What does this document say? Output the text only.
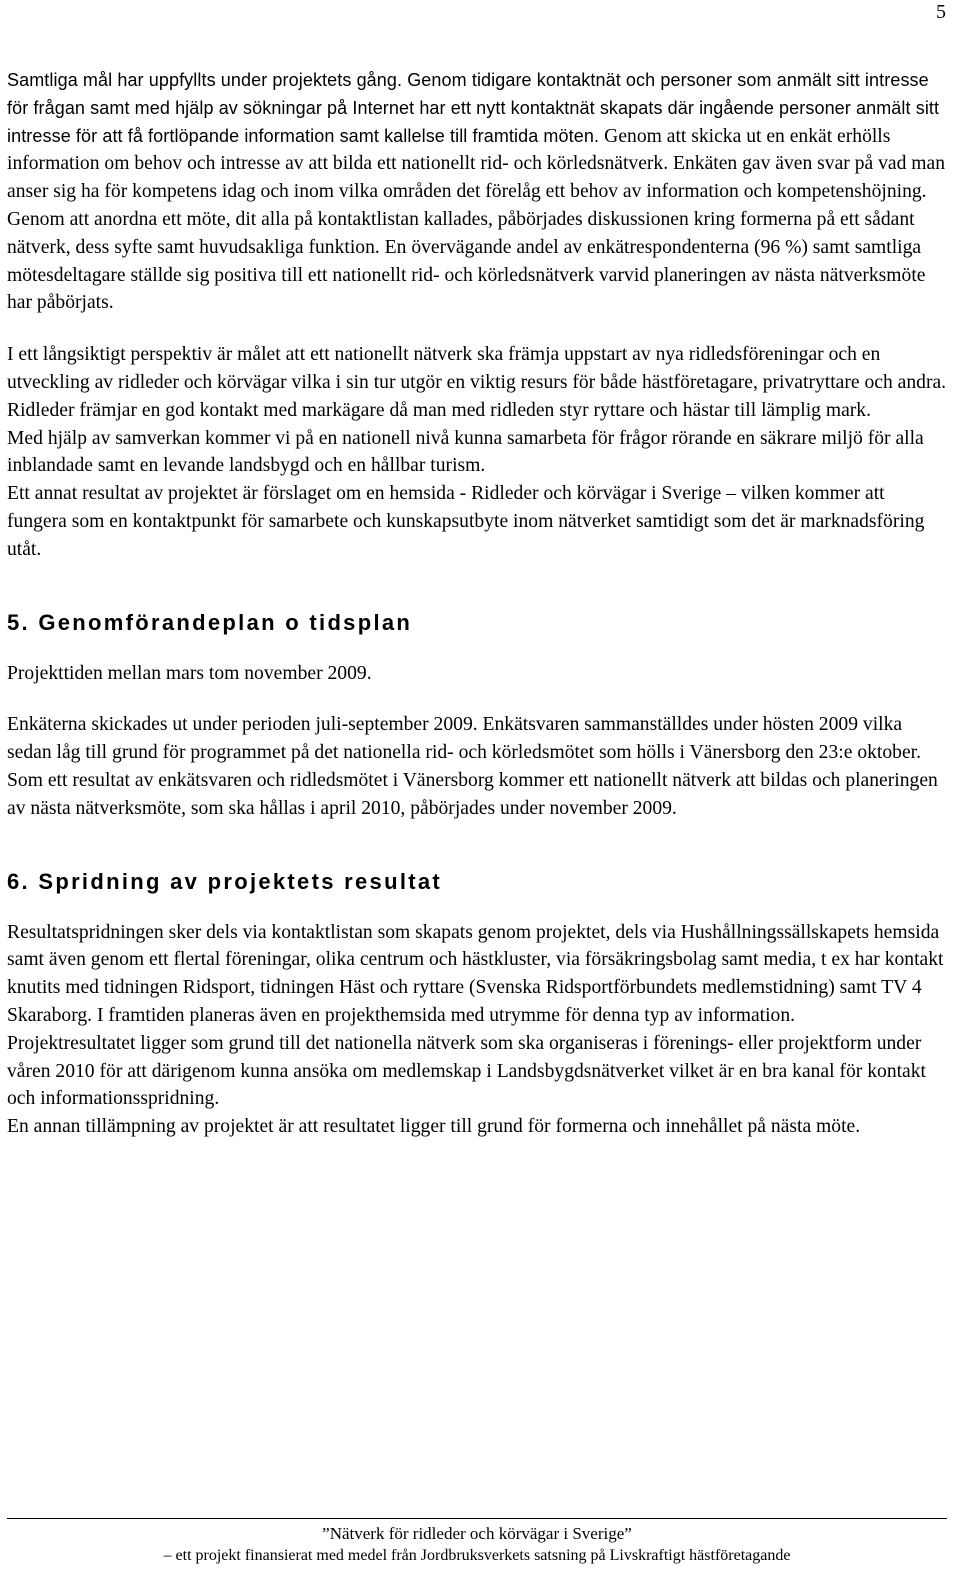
5

Samtliga mål har uppfyllts under projektets gång. Genom tidigare kontaktnät och personer som anmält sitt intresse för frågan samt med hjälp av sökningar på Internet har ett nytt kontaktnät skapats där ingående personer anmält sitt intresse för att få fortlöpande information samt kallelse till framtida möten. Genom att skicka ut en enkät erhölls information om behov och intresse av att bilda ett nationellt rid- och körledsnätverk. Enkäten gav även svar på vad man anser sig ha för kompetens idag och inom vilka områden det förelåg ett behov av information och kompetenshöjning. Genom att anordna ett möte, dit alla på kontaktlistan kallades, påbörjades diskussionen kring formerna på ett sådant nätverk, dess syfte samt huvudsakliga funktion. En övervägande andel av enkätrespondenterna (96 %) samt samtliga mötesdeltagare ställde sig positiva till ett nationellt rid- och körledsnätverk varvid planeringen av nästa nätverksmöte har påbörjats.

I ett långsiktigt perspektiv är målet att ett nationellt nätverk ska främja uppstart av nya ridledsföreningar och en utveckling av ridleder och körvägar vilka i sin tur utgör en viktig resurs för både hästföretagare, privatryttare och andra.

Ridleder främjar en god kontakt med markägare då man med ridleden styr ryttare och hästar till lämplig mark.

Med hjälp av samverkan kommer vi på en nationell nivå kunna samarbeta för frågor rörande en säkrare miljö för alla inblandade samt en levande landsbygd och en hållbar turism.

Ett annat resultat av projektet är förslaget om en hemsida - Ridleder och körvägar i Sverige – vilken kommer att fungera som en kontaktpunkt för samarbete och kunskapsutbyte inom nätverket samtidigt som det är marknadsföring utåt.

5. Genomförandeplan o tidsplan

Projekttiden mellan mars tom november 2009.

Enkäterna skickades ut under perioden juli-september 2009. Enkätsvaren sammanställdes under hösten 2009 vilka sedan låg till grund för programmet på det nationella rid- och körledsmötet som hölls i Vänersborg den 23:e oktober. Som ett resultat av enkätsvaren och ridledsmötet i Vänersborg kommer ett nationellt nätverk att bildas och planeringen av nästa nätverksmöte, som ska hållas i april 2010, påbörjades under november 2009.

6. Spridning av projektets resultat

Resultatspridningen sker dels via kontaktlistan som skapats genom projektet, dels via Hushållningssällskapets hemsida samt även genom ett flertal föreningar, olika centrum och hästkluster, via försäkringsbolag samt media, t ex har kontakt knutits med tidningen Ridsport, tidningen Häst och ryttare (Svenska Ridsportförbundets medlemstidning) samt TV 4 Skaraborg. I framtiden planeras även en projekthemsida med utrymme för denna typ av information.

Projektresultatet ligger som grund till det nationella nätverk som ska organiseras i förenings- eller projektform under våren 2010 för att därigenom kunna ansöka om medlemskap i Landsbygdsnätverket vilket är en bra kanal för kontakt och informationsspridning.

En annan tillämpning av projektet är att resultatet ligger till grund för formerna och innehållet på nästa möte.

”Nätverk för ridleder och körvägar i Sverige”
– ett projekt finansierat med medel från Jordbruksverkets satsning på Livskraftigt hästföretagande
